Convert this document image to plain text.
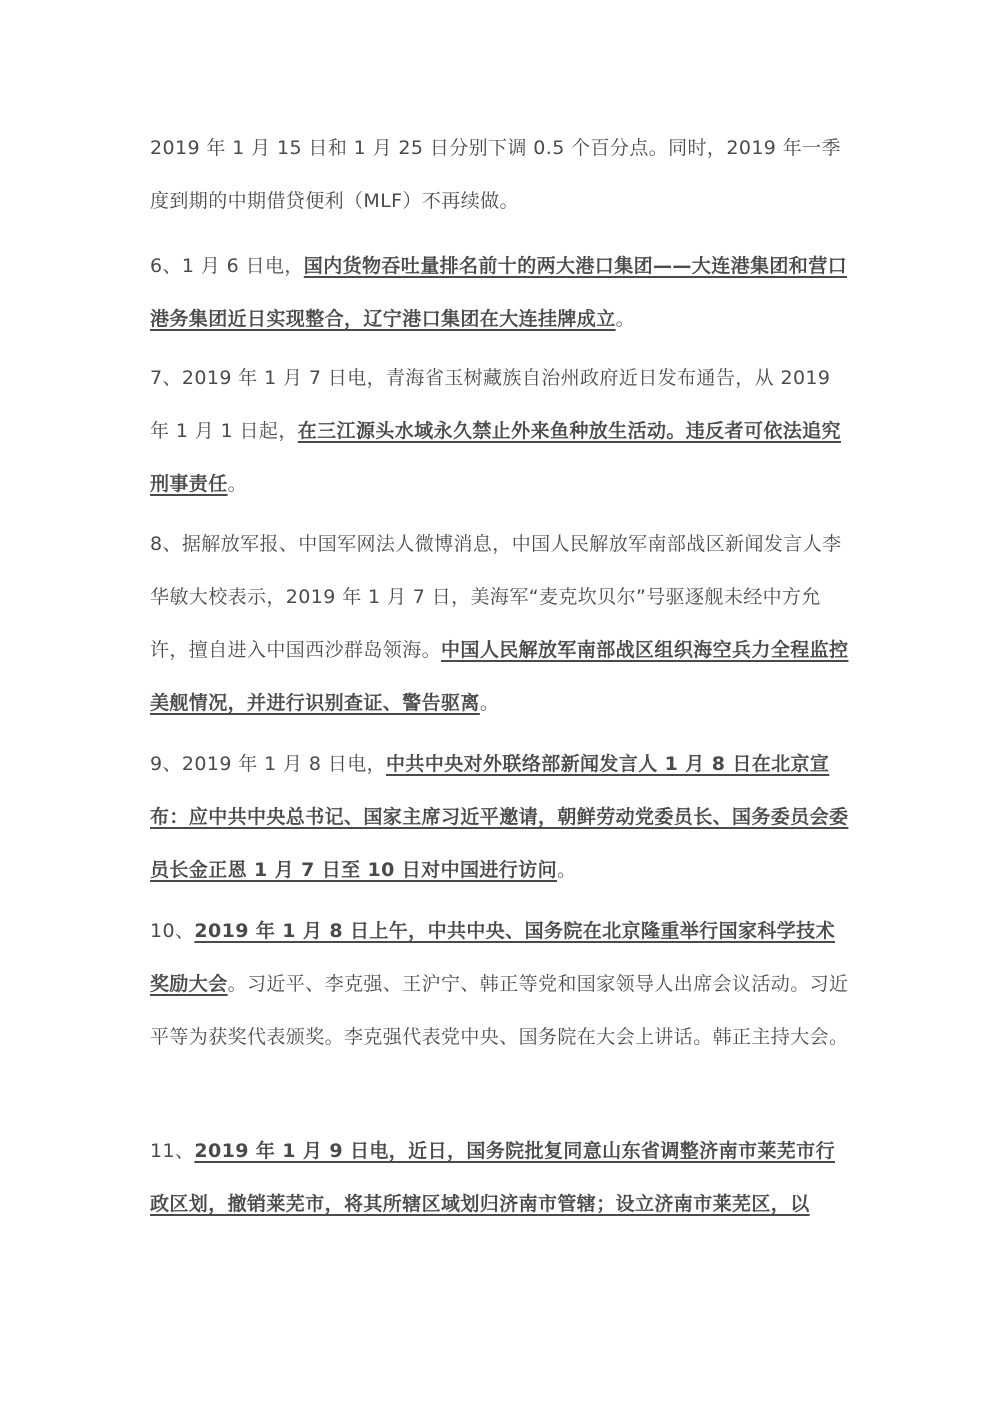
2019 年 1 月 15 日和 1 月 25 日分别下调 0.5 个百分点。同时，2019 年一季度到期的中期借贷便利（MLF）不再续做。

6、1 月 6 日电，国内货物吞吐量排名前十的两大港口集团——大连港集团和营口港务集团近日实现整合，辽宁港口集团在大连挂牌成立。

7、2019 年 1 月 7 日电，青海省玉树藏族自治州政府近日发布通告，从 2019 年 1 月 1 日起，在三江源头水域永久禁止外来鱼种放生活动。违反者可依法追究刑事责任。

8、据解放军报、中国军网法人微博消息，中国人民解放军南部战区新闻发言人李华敏大校表示，2019 年 1 月 7 日，美海军“麦克坎贝尔”号驱逐舰未经中方允许，擅自进入中国西沙群岛领海。中国人民解放军南部战区组织海空兵力全程监控美舰情况，并进行识别查证、警告驱离。

9、2019 年 1 月 8 日电，中共中央对外联络部新闻发言人 1 月 8 日在北京宣布：应中共中央总书记、国家主席习近平邀请，朝鲜劳动党委员长、国务委员会委员长金正恩 1 月 7 日至 10 日对中国进行访问。

10、2019 年 1 月 8 日上午，中共中央、国务院在北京隆重举行国家科学技术奖励大会。习近平、李克强、王沪宁、韩正等党和国家领导人出席会议活动。习近平等为获奖代表颁奖。李克强代表党中央、国务院在大会上讲话。韩正主持大会。

11、2019 年 1 月 9 日电，近日，国务院批复同意山东省调整济南市莱芜市行政区划，撤销莱芜市，将其所辖区域划归济南市管辖；设立济南市莱芜区，以
